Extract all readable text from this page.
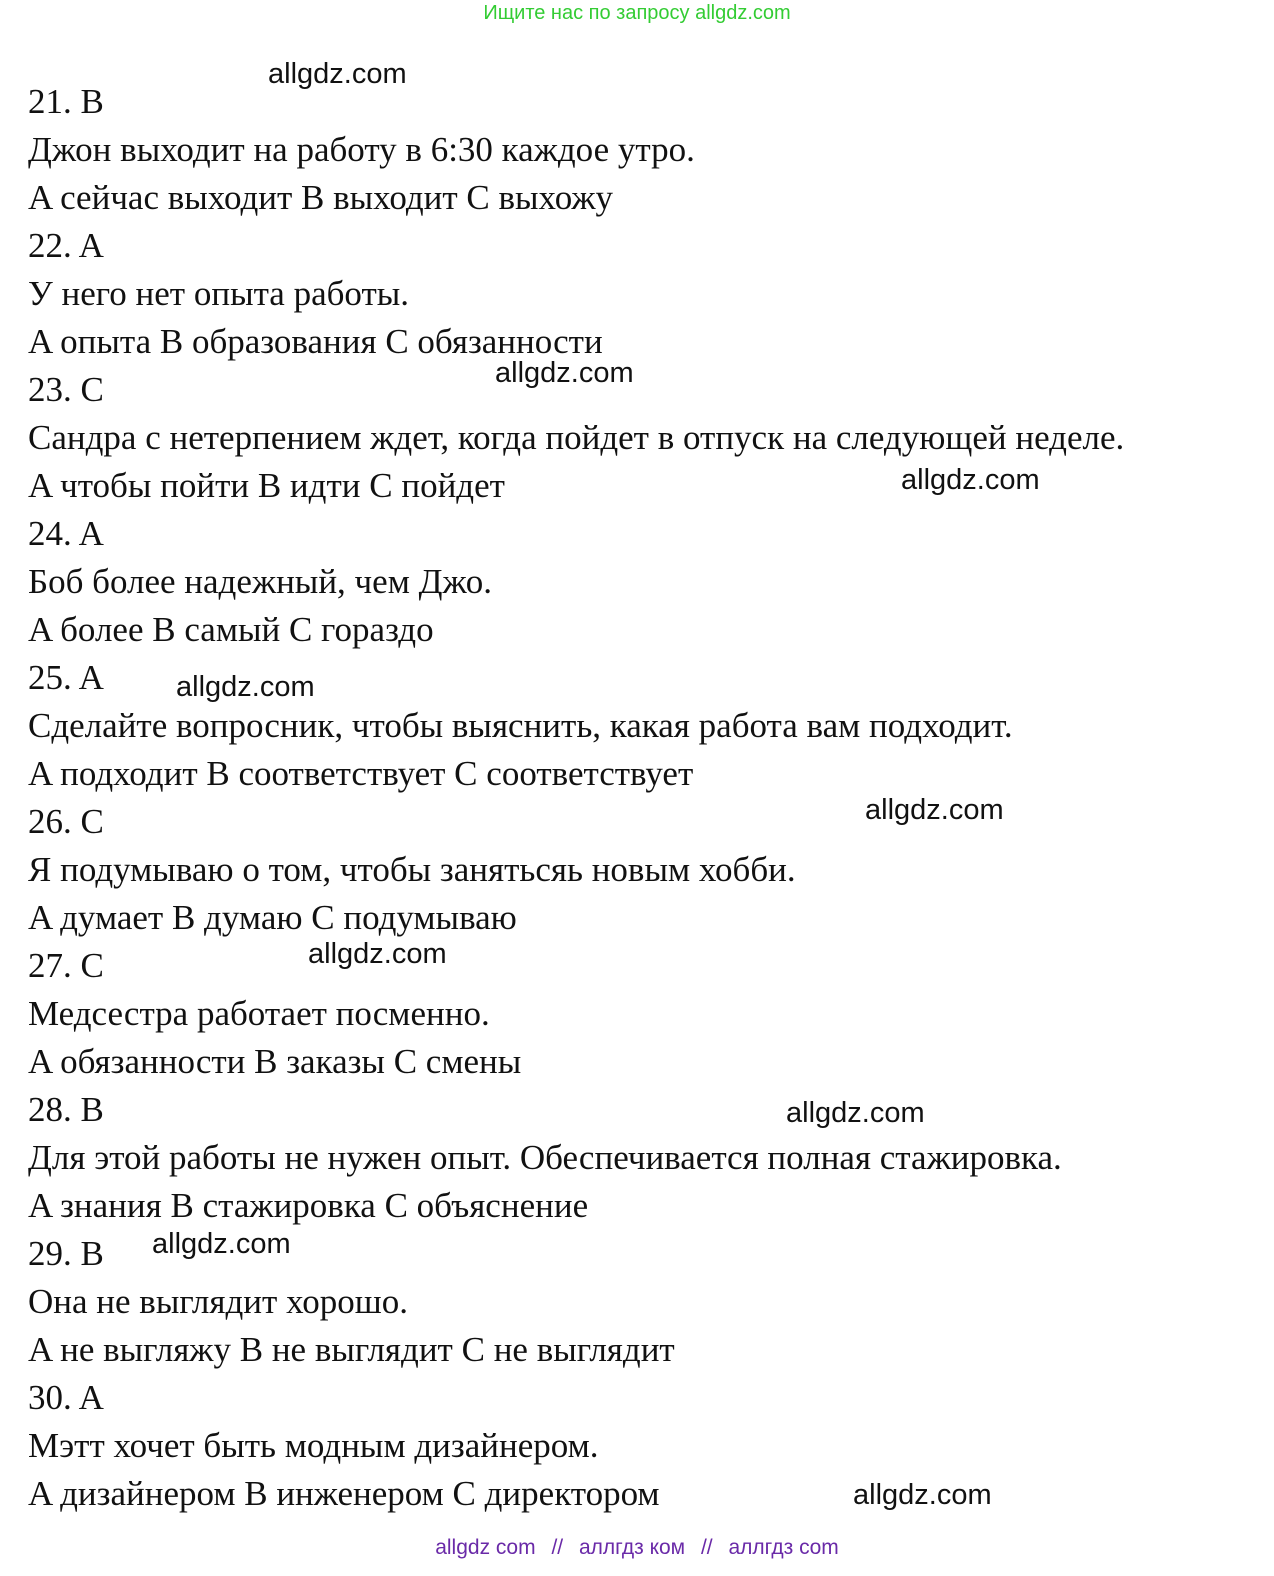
Ищите нас по запросу allgdz.com
21. B
Джон выходит на работу в 6:30 каждое утро.
A сейчас выходит B выходит C выхожу
22. A
У него нет опыта работы.
A опыта B образования C обязанности
23. C
Сандра с нетерпением ждет, когда пойдет в отпуск на следующей неделе.
A чтобы пойти B идти C пойдет
24. A
Боб более надежный, чем Джо.
A более B самый C гораздо
25. A
Сделайте вопросник, чтобы выяснить, какая работа вам подходит.
A подходит B соответствует C соответствует
26. C
Я подумываю о том, чтобы занятьсяь новым хобби.
A думает B думаю C подумываю
27. C
Медсестра работает посменно.
A обязанности B заказы C смены
28. B
Для этой работы не нужен опыт. Обеспечивается полная стажировка.
A знания B стажировка C объяснение
29. B
Она не выглядит хорошо.
A не выгляжу B не выглядит C не выглядит
30. A
Мэтт хочет быть модным дизайнером.
A дизайнером B инженером C директором
allgdz.com
allgdz.com
allgdz.com
allgdz.com
allgdz.com
allgdz.com
allgdz.com
allgdz.com
allgdz.com
allgdz com // аллгдз ком // аллгдз com
